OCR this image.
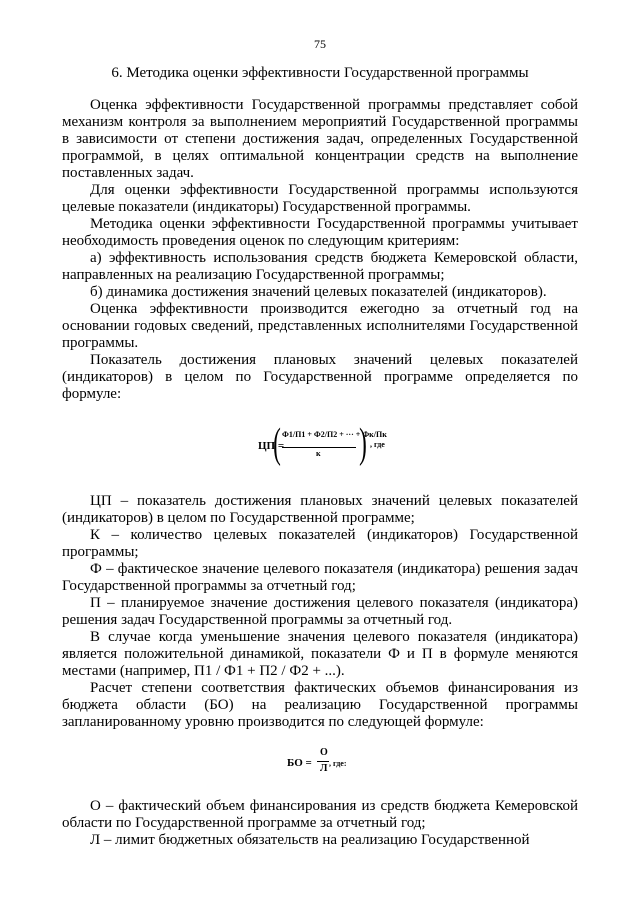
75
6. Методика оценки эффективности Государственной программы

Оценка эффективности Государственной программы представляет собой механизм контроля за выполнением мероприятий Государственной программы в зависимости от степени достижения задач, определенных Государственной программой, в целях оптимальной концентрации средств на выполнение поставленных задач.

Для оценки эффективности Государственной программы используются целевые показатели (индикаторы) Государственной программы.

Методика оценки эффективности Государственной программы учитывает необходимость проведения оценок по следующим критериям:

а) эффективность использования средств бюджета Кемеровской области, направленных на реализацию Государственной программы;

б) динамика достижения значений целевых показателей (индикаторов).

Оценка эффективности производится ежегодно за отчетный год на основании годовых сведений, представленных исполнителями Государственной программы.

Показатель достижения плановых значений целевых показателей (индикаторов) в целом по Государственной программе определяется по формуле:

ЦП =
( Ф1/П1 + Ф2/П2 + ··· + Фк/Пк
к ) , где

ЦП – показатель достижения плановых значений целевых показателей (индикаторов) в целом по Государственной программе;

К – количество целевых показателей (индикаторов) Государственной программы;

Ф – фактическое значение целевого показателя (индикатора) решения задач Государственной программы за отчетный год;

П – планируемое значение достижения целевого показателя (индикатора) решения задач Государственной программы за отчетный год.

В случае когда уменьшение значения целевого показателя (индикатора) является положительной динамикой, показатели Ф и П в формуле меняются местами (например, П1 / Ф1 + П2 / Ф2 + ...).

Расчет степени соответствия фактических объемов финансирования из бюджета области (БО) на реализацию Государственной программы запланированному уровню производится по следующей формуле:

БО =
О
Л , где:

О – фактический объем финансирования из средств бюджета Кемеровской области по Государственной программе за отчетный год;

Л – лимит бюджетных обязательств на реализацию Государственной
